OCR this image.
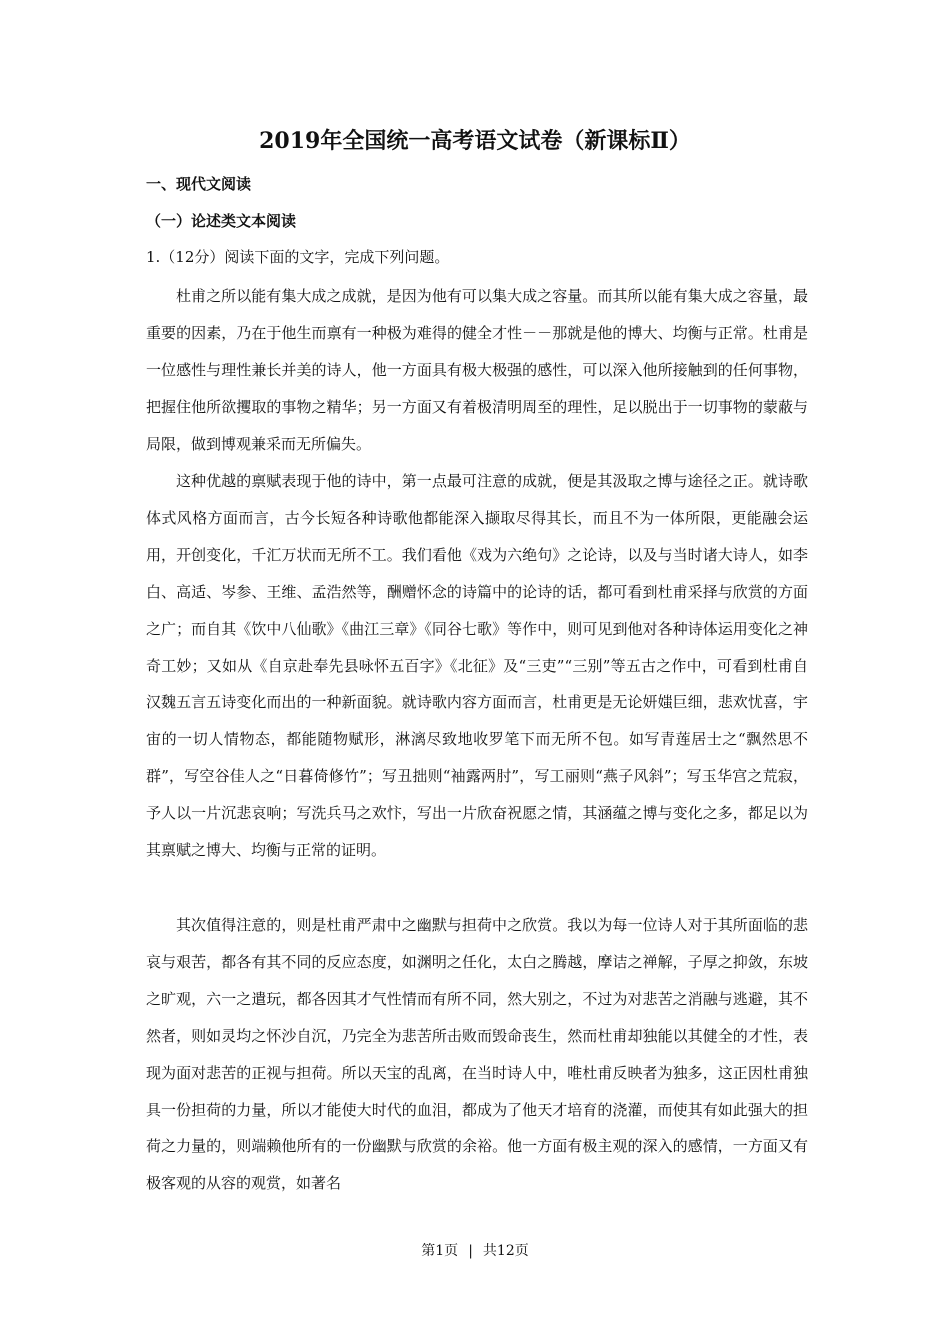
2019年全国统一高考语文试卷（新课标Ⅱ）
一、现代文阅读
（一）论述类文本阅读
1.（12分）阅读下面的文字，完成下列问题。

杜甫之所以能有集大成之成就，是因为他有可以集大成之容量。而其所以能有集大成之容量，最重要的因素，乃在于他生而禀有一种极为难得的健全才性－－那就是他的博大、均衡与正常。杜甫是一位感性与理性兼长并美的诗人，他一方面具有极大极强的感性，可以深入他所接触到的任何事物，把握住他所欲攫取的事物之精华；另一方面又有着极清明周至的理性，足以脱出于一切事物的蒙蔽与局限，做到博观兼采而无所偏失。

这种优越的禀赋表现于他的诗中，第一点最可注意的成就，便是其汲取之博与途径之正。就诗歌体式风格方面而言，古今长短各种诗歌他都能深入撷取尽得其长，而且不为一体所限，更能融会运用，开创变化，千汇万状而无所不工。我们看他《戏为六绝句》之论诗，以及与当时诸大诗人，如李白、高适、岑参、王维、孟浩然等，酬赠怀念的诗篇中的论诗的话，都可看到杜甫采择与欣赏的方面之广；而自其《饮中八仙歌》《曲江三章》《同谷七歌》等作中，则可见到他对各种诗体运用变化之神奇工妙；又如从《自京赴奉先县咏怀五百字》《北征》及“三吏”“三别”等五古之作中，可看到杜甫自汉魏五言五诗变化而出的一种新面貌。就诗歌内容方面而言，杜甫更是无论妍媸巨细，悲欢忧喜，宇宙的一切人情物态，都能随物赋形，淋漓尽致地收罗笔下而无所不包。如写青莲居士之“飘然思不群”，写空谷佳人之“日暮倚修竹”；写丑拙则“袖露两肘”，写工丽则“燕子风斜”；写玉华宫之荒寂，予人以一片沉悲哀响；写洗兵马之欢忭，写出一片欣奋祝愿之情，其涵蕴之博与变化之多，都足以为其禀赋之博大、均衡与正常的证明。

其次值得注意的，则是杜甫严肃中之幽默与担荷中之欣赏。我以为每一位诗人对于其所面临的悲哀与艰苦，都各有其不同的反应态度，如渊明之任化，太白之腾越，摩诘之禅解，子厚之抑敛，东坡之旷观，六一之遣玩，都各因其才气性情而有所不同，然大别之，不过为对悲苦之消融与逃避，其不然者，则如灵均之怀沙自沉，乃完全为悲苦所击败而毁命丧生，然而杜甫却独能以其健全的才性，表现为面对悲苦的正视与担荷。所以天宝的乱离，在当时诗人中，唯杜甫反映者为独多，这正因杜甫独具一份担荷的力量，所以才能使大时代的血泪，都成为了他天才培育的浇灌，而使其有如此强大的担荷之力量的，则端赖他所有的一份幽默与欣赏的余裕。他一方面有极主观的深入的感情，一方面又有极客观的从容的观赏，如著名

第1页 | 共12页
